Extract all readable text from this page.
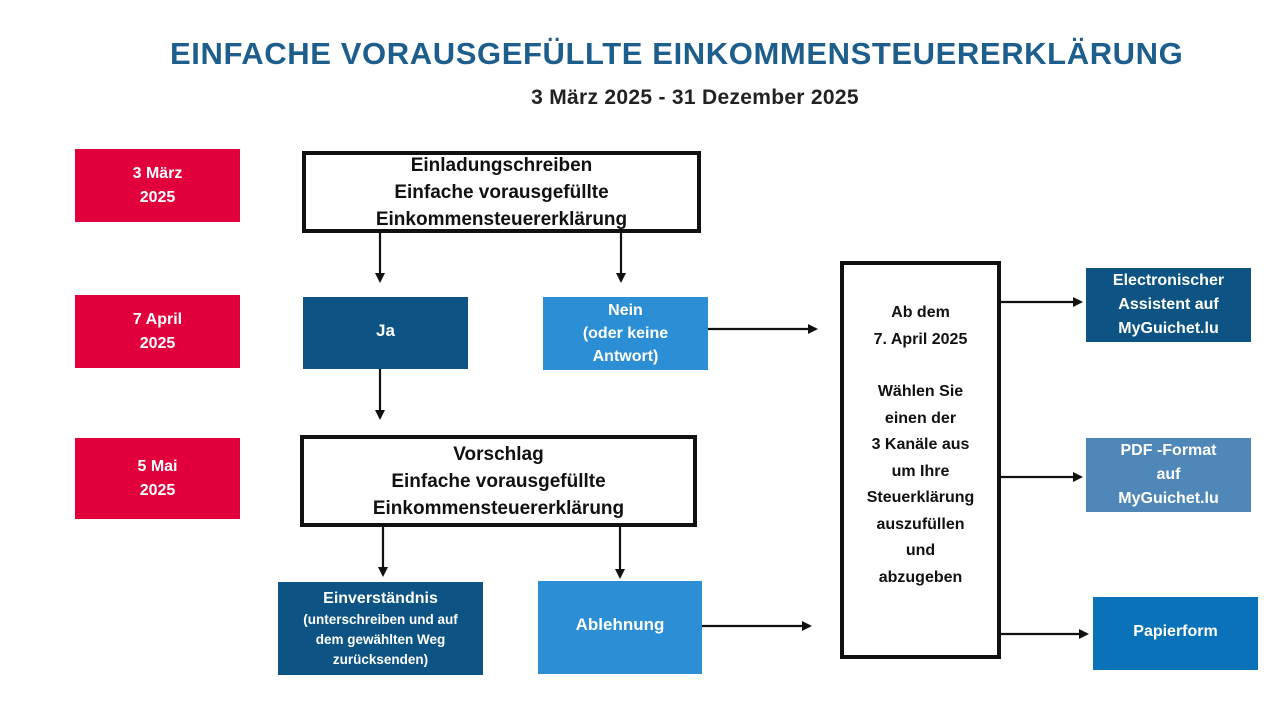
EINFACHE VORAUSGEFÜLLTE EINKOMMENSTEUERERKLÄRUNG
3 März 2025 - 31 Dezember 2025
3 März
2025
7 April
2025
5 Mai
2025
Einladungschreiben
Einfache vorausgefüllte
Einkommensteuererklärung
Ja
Nein
(oder keine
Antwort)
Vorschlag
Einfache vorausgefüllte
Einkommensteuererklärung
Einverständnis
(unterschreiben und auf
dem gewählten Weg
zurücksenden)
Ablehnung
Ab dem
7. April 2025
Wählen Sie
einen der
3 Kanäle aus
um Ihre
Steuerklärung
auszufüllen
und
abzugeben
Electronischer
Assistent auf
MyGuichet.lu
PDF -Format
auf
MyGuichet.lu
Papierform
